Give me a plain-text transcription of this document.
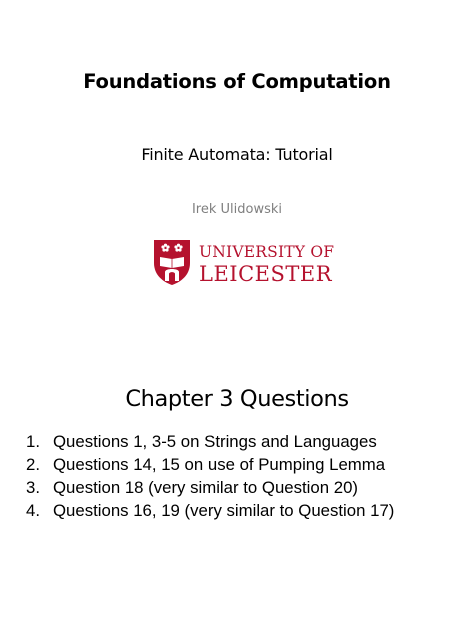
Foundations of Computation
Finite Automata: Tutorial
Irek Ulidowski
UNIVERSITY OF
LEICESTER
Chapter 3 Questions
1. Questions 1, 3-5 on Strings and Languages
2. Questions 14, 15 on use of Pumping Lemma
3. Question 18 (very similar to Question 20)
4. Questions 16, 19 (very similar to Question 17)
